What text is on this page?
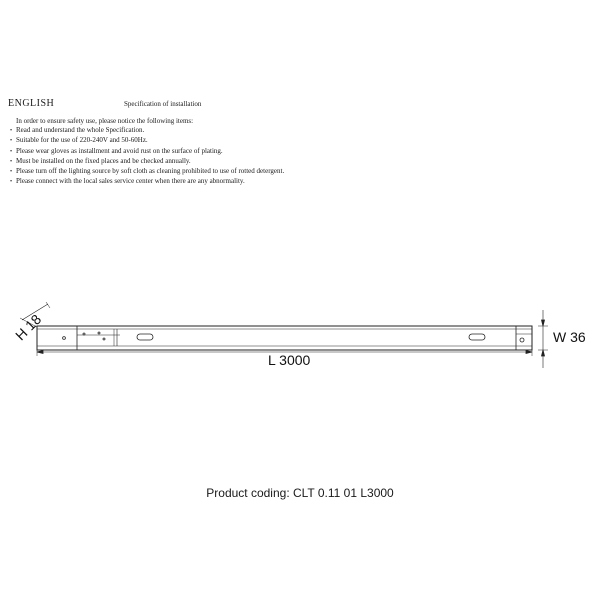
ENGLISH	Specification of installation
In order to ensure safety use, please notice the following items:
• Read and understand the whole Specification.
• Suitable for the use of 220-240V and 50-60Hz.
• Please wear gloves as installment and avoid rust on the surface of plating.
• Must be installed on the fixed places and be checked annually.
• Please turn off the lighting source by soft cloth as cleaning prohibited to use of rotted detergent.
• Please connect with the local sales service center when there are any abnormality.
H 18
L 3000
W 36
Product coding: CLT 0.11 01 L3000
